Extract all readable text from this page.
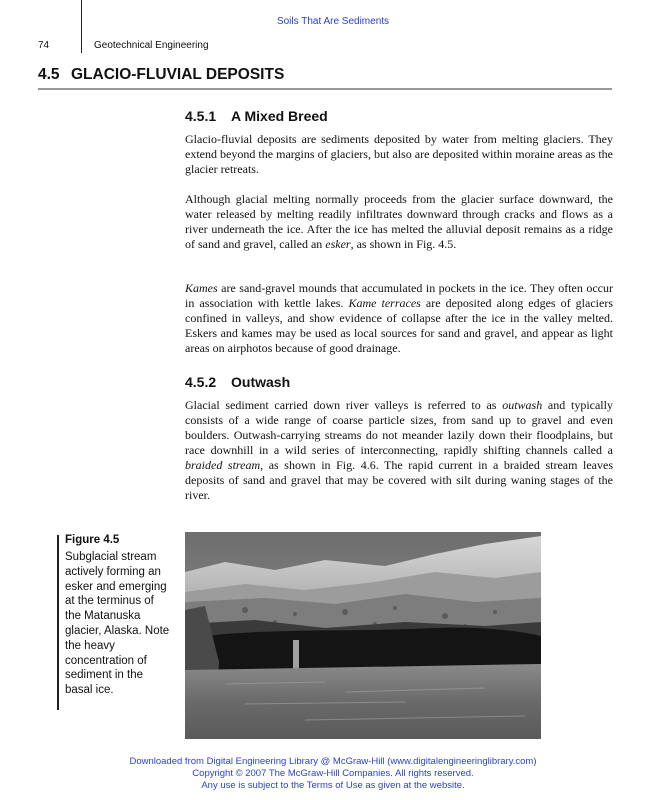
Soils That Are Sediments
74	Geotechnical Engineering
4.5 GLACIO-FLUVIAL DEPOSITS
4.5.1 A Mixed Breed

Glacio-fluvial deposits are sediments deposited by water from melting glaciers. They extend beyond the margins of glaciers, but also are deposited within moraine areas as the glacier retreats.

Although glacial melting normally proceeds from the glacier surface downward, the water released by melting readily infiltrates downward through cracks and flows as a river underneath the ice. After the ice has melted the alluvial deposit remains as a ridge of sand and gravel, called an esker, as shown in Fig. 4.5.

Kames are sand-gravel mounds that accumulated in pockets in the ice. They often occur in association with kettle lakes. Kame terraces are deposited along edges of glaciers confined in valleys, and show evidence of collapse after the ice in the valley melted. Eskers and kames may be used as local sources for sand and gravel, and appear as light areas on airphotos because of good drainage.

4.5.2 Outwash

Glacial sediment carried down river valleys is referred to as outwash and typically consists of a wide range of coarse particle sizes, from sand up to gravel and even boulders. Outwash-carrying streams do not meander lazily down their floodplains, but race downhill in a wild series of interconnecting, rapidly shifting channels called a braided stream, as shown in Fig. 4.6. The rapid current in a braided stream leaves deposits of sand and gravel that may be covered with silt during waning stages of the river.

Figure 4.5
Subglacial stream actively forming an esker and emerging at the terminus of the Matanuska glacier, Alaska. Note the heavy concentration of sediment in the basal ice.
Downloaded from Digital Engineering Library @ McGraw-Hill (www.digitalengineeringlibrary.com)
Copyright © 2007 The McGraw-Hill Companies. All rights reserved.
Any use is subject to the Terms of Use as given at the website.
